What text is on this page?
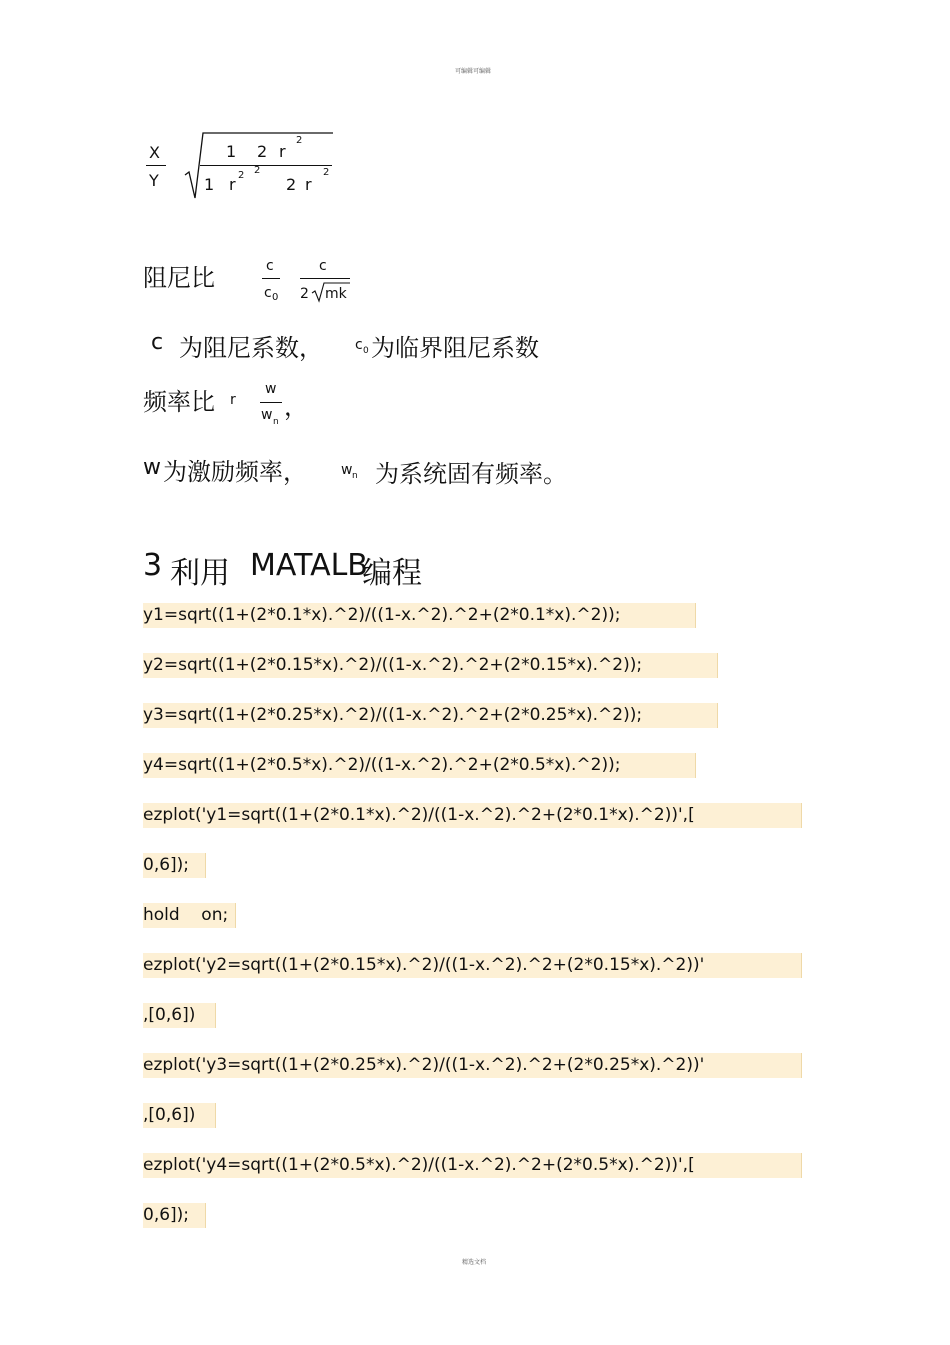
可编辑可编辑
X
Y
1 2 r
2
1 r 2 2
2 r
2
阻尼比	c
c 0
c
2 mk
c 为阻尼系数， c 0 为临界阻尼系数
频率比 r
w
w n
，
w 为激励频率， w n 为系统固有频率。
3 利用 MATALB
编程
y1=sqrt((1+(2*0.1*x).^2)/((1-x.^2).^2+(2*0.1*x).^2));
y2=sqrt((1+(2*0.15*x).^2)/((1-x.^2).^2+(2*0.15*x).^2));
y3=sqrt((1+(2*0.25*x).^2)/((1-x.^2).^2+(2*0.25*x).^2));
y4=sqrt((1+(2*0.5*x).^2)/((1-x.^2).^2+(2*0.5*x).^2));
ezplot('y1=sqrt((1+(2*0.1*x).^2)/((1-x.^2).^2+(2*0.1*x).^2))',[
0,6]);
hold    on;
ezplot('y2=sqrt((1+(2*0.15*x).^2)/((1-x.^2).^2+(2*0.15*x).^2))'
,[0,6])
ezplot('y3=sqrt((1+(2*0.25*x).^2)/((1-x.^2).^2+(2*0.25*x).^2))'
,[0,6])
ezplot('y4=sqrt((1+(2*0.5*x).^2)/((1-x.^2).^2+(2*0.5*x).^2))',[
0,6]);
精选文档
